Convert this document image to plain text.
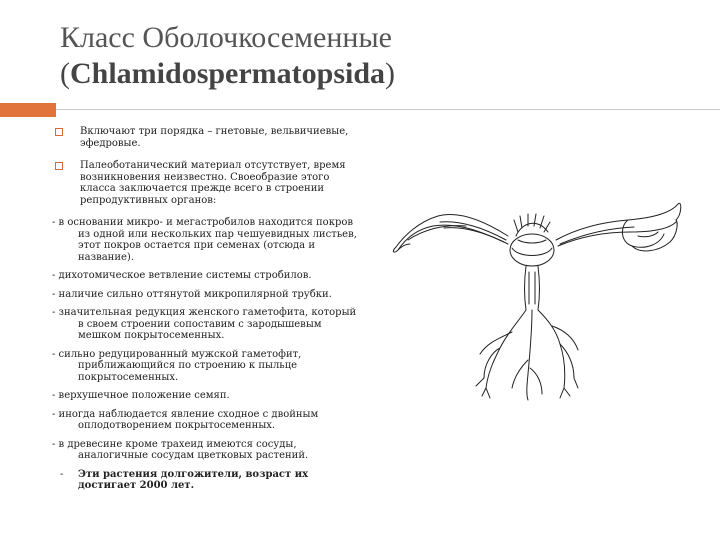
Класс Оболочкосеменные
(Chlamidospermatopsida)
Включают три порядка – гнетовые, вельвичиевые, эфедровые.
Палеоботанический материал отсутствует, время возникновения неизвестно. Своеобразие этого класса заключается прежде всего в строении репродуктивных органов:
- в основании микро- и мегастробилов находится покров из одной или нескольких пар чешуевидных листьев, этот покров остается при семенах (отсюда и название).
- дихотомическое ветвление системы стробилов.
- наличие сильно оттянутой микропилярной трубки.
- значительная редукция женского гаметофита, который в своем строении сопоставим с зародышевым мешком покрытосеменных.
- сильно редуцированный мужской гаметофит, приближающийся по строению к пыльце покрытосеменных.
- верхушечное положение семяп.
- иногда наблюдается явление сходное с двойным оплодотворением покрытосеменных.
- в древесине кроме трахеид имеются сосуды, аналогичные сосудам цветковых растений.
- Эти растения долгожители, возраст их достигает 2000 лет.
